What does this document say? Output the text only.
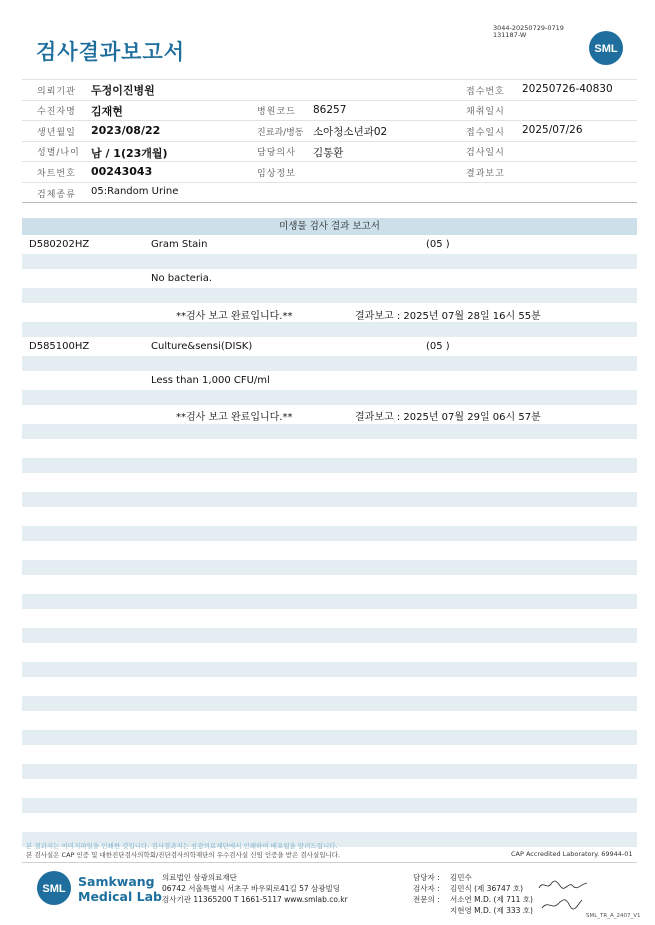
검사결과보고서
3044-20250729-0719
131187-W
SML
의뢰기관 두정이진병원	접수번호 20250726-40830
수진자명 김재현	병원코드 86257	채취일시
생년월일 2023/08/22	진료과/병동 소아청소년과02	접수일시 2025/07/26
성별/나이 남 / 1(23개월)	담당의사 김통환	검사일시
차트번호 00243043	임상정보	결과보고
검체종류 05:Random Urine
미생물 검사 결과 보고서
D580202HZ	Gram Stain	(05 )
No bacteria.
**검사 보고 완료입니다.**	결과보고 : 2025년 07월 28일 16시 55분
D585100HZ	Culture&sensi(DISK)	(05 )
Less than 1,000 CFU/ml
**검사 보고 완료입니다.**	결과보고 : 2025년 07월 29일 06시 57분
본 결과지는 이미지파일을 인쇄한 것입니다. 검사결과지는 삼광의료재단에서 인쇄하여 배포됨을 알려드립니다.
본 검사실은 CAP 인증 및 대한진단검사의학회/진단검사의학재단의 우수검사실 신임 인증을 받은 검사실입니다.	CAP Accredited Laboratory. 69944-01
SML Samkwang
Medical Lab
의료법인 삼광의료재단
06742 서울특별시 서초구 바우뫼로41길 57 삼광빌딩
검사기관 11365200 T 1661-5117 www.smlab.co.kr
담당자 : 김민수
검사자 : 김민식 (제 36747 호)
전문의 : 서소연 M.D. (제 711 호)
지현영 M.D. (제 333 호)
SML_TR_A_2407_V1
